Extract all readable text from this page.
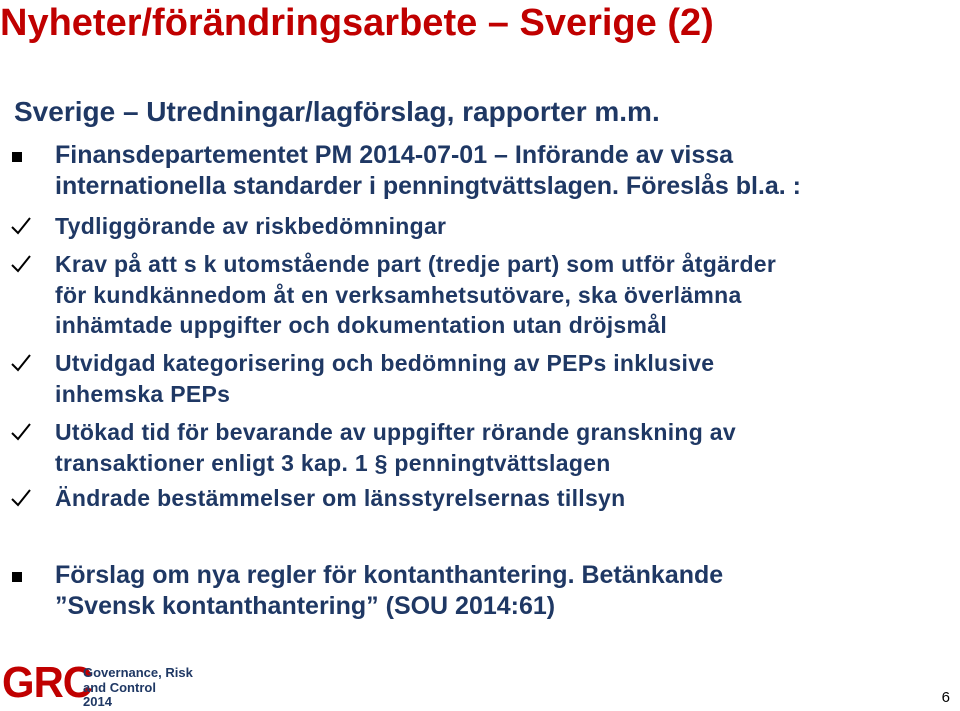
Nyheter/förändringsarbete – Sverige (2)
Sverige – Utredningar/lagförslag, rapporter m.m.
Finansdepartementet PM 2014-07-01 – Införande av vissa
internationella standarder i penningtvättslagen. Föreslås bl.a. :
Tydliggörande av riskbedömningar
Krav på att s k utomstående part (tredje part) som utför åtgärder
för kundkännedom åt en verksamhetsutövare, ska överlämna
inhämtade uppgifter och dokumentation utan dröjsmål
Utvidgad kategorisering och bedömning av PEPs inklusive
inhemska PEPs
Utökad tid för bevarande av uppgifter rörande granskning av
transaktioner enligt 3 kap. 1 § penningtvättslagen
Ändrade bestämmelser om länsstyrelsernas tillsyn
Förslag om nya regler för kontanthantering. Betänkande
”Svensk kontanthantering” (SOU 2014:61)
GRC
Governance, Risk
and Control
2014	6
